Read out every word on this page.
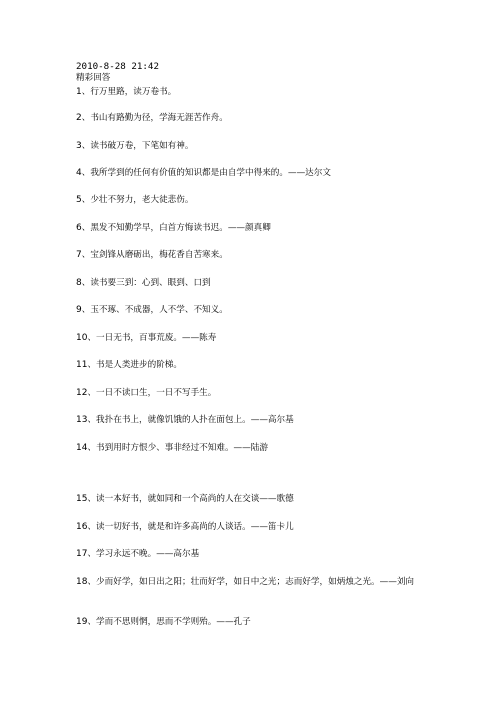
2010-8-28 21:42
精彩回答
1、行万里路，读万卷书。
2、书山有路勤为径，学海无涯苦作舟。
3、读书破万卷，下笔如有神。
4、我所学到的任何有价值的知识都是由自学中得来的。——达尔文
5、少壮不努力，老大徒悲伤。
6、黑发不知勤学早，白首方悔读书迟。——颜真卿
7、宝剑锋从磨砺出，梅花香自苦寒来。
8、读书要三到：心到、眼到、口到
9、玉不琢、不成器，人不学、不知义。
10、一日无书，百事荒废。——陈寿
11、书是人类进步的阶梯。
12、一日不读口生，一日不写手生。
13、我扑在书上，就像饥饿的人扑在面包上。——高尔基
14、书到用时方恨少、事非经过不知难。——陆游
15、读一本好书，就如同和一个高尚的人在交谈——歌德
16、读一切好书，就是和许多高尚的人谈话。——笛卡儿
17、学习永远不晚。——高尔基
18、少而好学，如日出之阳；壮而好学，如日中之光；志而好学，如炳烛之光。——刘向
19、学而不思则惘，思而不学则殆。——孔子
